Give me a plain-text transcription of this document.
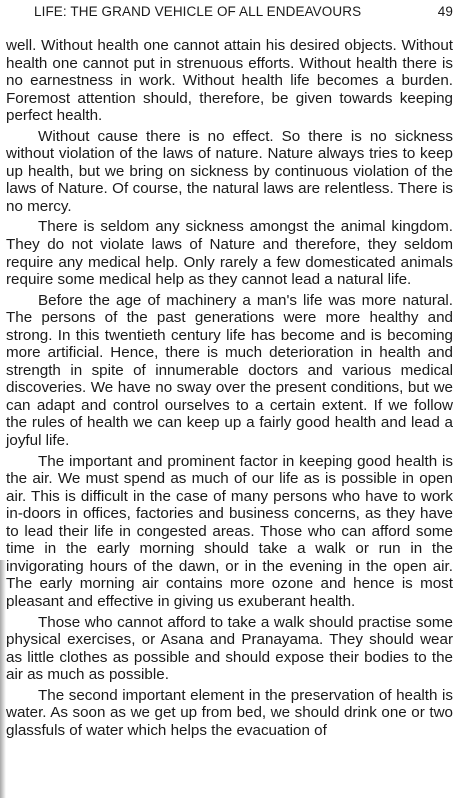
LIFE: THE GRAND VEHICLE OF ALL ENDEAVOURS	49

well. Without health one cannot attain his desired objects. Without health one cannot put in strenuous efforts. Without health there is no earnestness in work. Without health life becomes a burden. Foremost attention should, therefore, be given towards keeping perfect health.

Without cause there is no effect. So there is no sickness without violation of the laws of nature. Nature always tries to keep up health, but we bring on sickness by continuous violation of the laws of Nature. Of course, the natural laws are relentless. There is no mercy.

There is seldom any sickness amongst the animal kingdom. They do not violate laws of Nature and therefore, they seldom require any medical help. Only rarely a few domesticated animals require some medical help as they cannot lead a natural life.

Before the age of machinery a man's life was more natural. The persons of the past generations were more healthy and strong. In this twentieth century life has become and is becoming more artificial. Hence, there is much deterioration in health and strength in spite of innumerable doctors and various medical discoveries. We have no sway over the present conditions, but we can adapt and control ourselves to a certain extent. If we follow the rules of health we can keep up a fairly good health and lead a joyful life.

The important and prominent factor in keeping good health is the air. We must spend as much of our life as is possible in open air. This is difficult in the case of many persons who have to work in-doors in offices, factories and business concerns, as they have to lead their life in congested areas. Those who can afford some time in the early morning should take a walk or run in the invigorating hours of the dawn, or in the evening in the open air. The early morning air contains more ozone and hence is most pleasant and effective in giving us exuberant health.

Those who cannot afford to take a walk should practise some physical exercises, or Asana and Pranayama. They should wear as little clothes as possible and should expose their bodies to the air as much as possible.

The second important element in the preservation of health is water. As soon as we get up from bed, we should drink one or two glassfuls of water which helps the evacuation of
